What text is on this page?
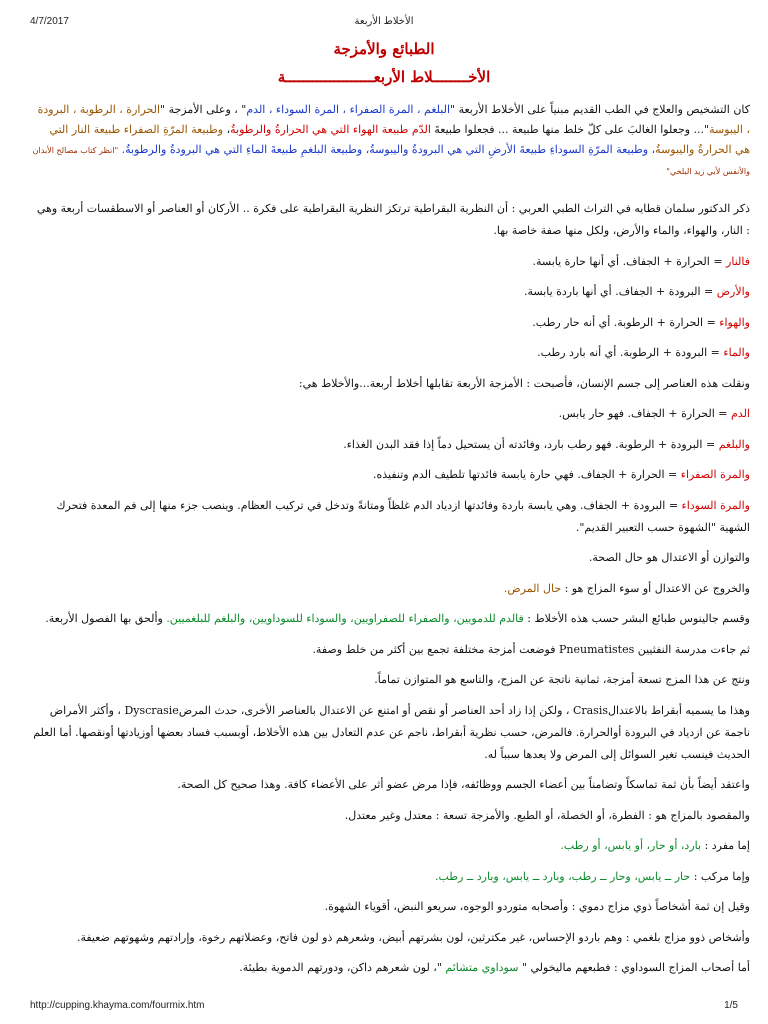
4/7/2017	الأخلاط الأربعة
الطبائع والأمزجة
الأخــــــــلاط الأربعــــــــــــــــــــة

كان التشخيص والعلاج في الطب القديم مبنياً على الأخلاط الأربعة "البلغم ، المرة الصفراء ، المرة السوداء ، الدم" ، وعلى الأمزجة "الحرارة ، الرطوبة ، البرودة ، اليبوسة"... وجعلوا الغالبَ على كلّ خلط منها طبيعة ... فجعلوا طبيعةَ الدّم طبيعة الهواء التي هي الحرارةُ والرطوبةُ، وطبيعة المرّةِ الصفراء طبيعة النار التي هي الحرارةُ واليبوسةُ، وطبيعة المرّةِ السوداءِ طبيعةَ الأرضِ التي هي البرودةُ واليبوسةُ، وطبيعة البلغمِ طبيعةَ الماءِ التي هي البرودةُ والرطوبةُ. "انظر كتاب مصالح الأبدان والأنفس لأبي زيد البلخي"

ذكر الدكتور سلمان قطايه في التراث الطبي العربي : أن النظرية البقراطية ترتكز النظرية البقراطية على فكرة .. الأركان أو العناصر أو الاسطقسات أربعة وهي : النار، والهواء، والماء والأرض، ولكل منها صفة خاصة بها.

فالنار = الحرارة + الجفاف. أي أنها حارة يابسة.

والأرض = البرودة + الجفاف. أي أنها باردة يابسة.

والهواء = الحرارة + الرطوبة. أي أنه حار رطب.

والماء = البرودة + الرطوبة. أي أنه بارد رطب.

ونقلت هذه العناصر إلى جسم الإنسان، فأصبحت : الأمزجة الأربعة تقابلها أخلاط أربعة...والأخلاط هي:

الدم = الحرارة + الجفاف. فهو حار يابس.

والبلغم = البرودة + الرطوبة. فهو رطب بارد، وفائدته أن يستحيل دماً إذا فقد البدن الغذاء.

والمرة الصفراء = الحرارة + الجفاف. فهي حارة يابسة فائدتها تلطيف الدم وتنفيذه.

والمرة السوداء = البرودة + الجفاف. وهي يابسة باردة وفائدتها ازدياد الدم غلظاً ومتانةً وتدخل في تركيب العظام. وينصب جزء منها إلى فم المعدة فتحرك الشهية "الشهوة حسب التعبير القديم".

والتوازن أو الاعتدال هو حال الصحة.

والخروج عن الاعتدال أو سوء المزاج هو : حال المرض.

وقسم جالينوس طبائع البشر حسب هذه الأخلاط : فالدم للدمويين، والصفراء للصفراويين، والسوداء للسوداويين، والبلغم للبلغميين. وألحق بها الفصول الأربعة.

ثم جاءت مدرسة النفثيين Pneumatistes فوضعت أمزجة مختلفة تجمع بين أكثر من خلط وصفة.

ونتج عن هذا المزج تسعة أمزجة، ثمانية ناتجة عن المزج، والتاسع هو المتوازن تماماً.

وهذا ما يسميه أبقراط بالاعتدالCrasis ، ولكن إذا زاد أحد العناصر أو نقص أو امتنع عن الاعتدال بالعناصر الأخرى، حدث المرضDyscrasie ، وأكثر الأمراض ناجمة عن ازدياد في البرودة أوالحرارة. فالمرض، حسب نظرية أبقراط، ناجم عن عدم التعادل بين هذه الأخلاط، أوبسبب فساد بعضها أوزيادتها أونقصها. أما العلم الحديث فينسب تغير السوائل إلى المرض ولا يعدها سبباً له.

واعتقد أيضاً بأن ثمة تماسكاً وتضامناً بين أعضاء الجسم ووظائفه، فإذا مرض عضو أثر على الأعضاء كافة. وهذا صحيح كل الصحة.

والمقصود بالمزاج هو : الفطرة، أو الخصلة، أو الطبع. والأمزجة تسعة : معتدل وغير معتدل.

إما مفرد : بارد، أو حار، أو يابس، أو رطب.

وإما مركب : حار ــ يابس، وحار ــ رطب، وبارد ــ يابس، وبارد ــ رطب.

وقيل إن ثمة أشخاصاً ذوي مزاج دموي : وأصحابه متوردو الوجوه، سريعو النبض، أقوياء الشهوة.

وأشخاص ذوو مزاج بلغمي : وهم باردو الإحساس، غير مكترثين، لون بشرتهم أبيض، وشعرهم ذو لون فاتح، وعضلاتهم رخوة، وإرادتهم وشهوتهم ضعيفة.

أما أصحاب المزاج السوداوي : فطبعهم ماليخولي " سوداوي متشائم "، لون شعرهم داكن، ودورتهم الدموية بطيئة.

http://cupping.khayma.com/fourmix.htm	1/5
